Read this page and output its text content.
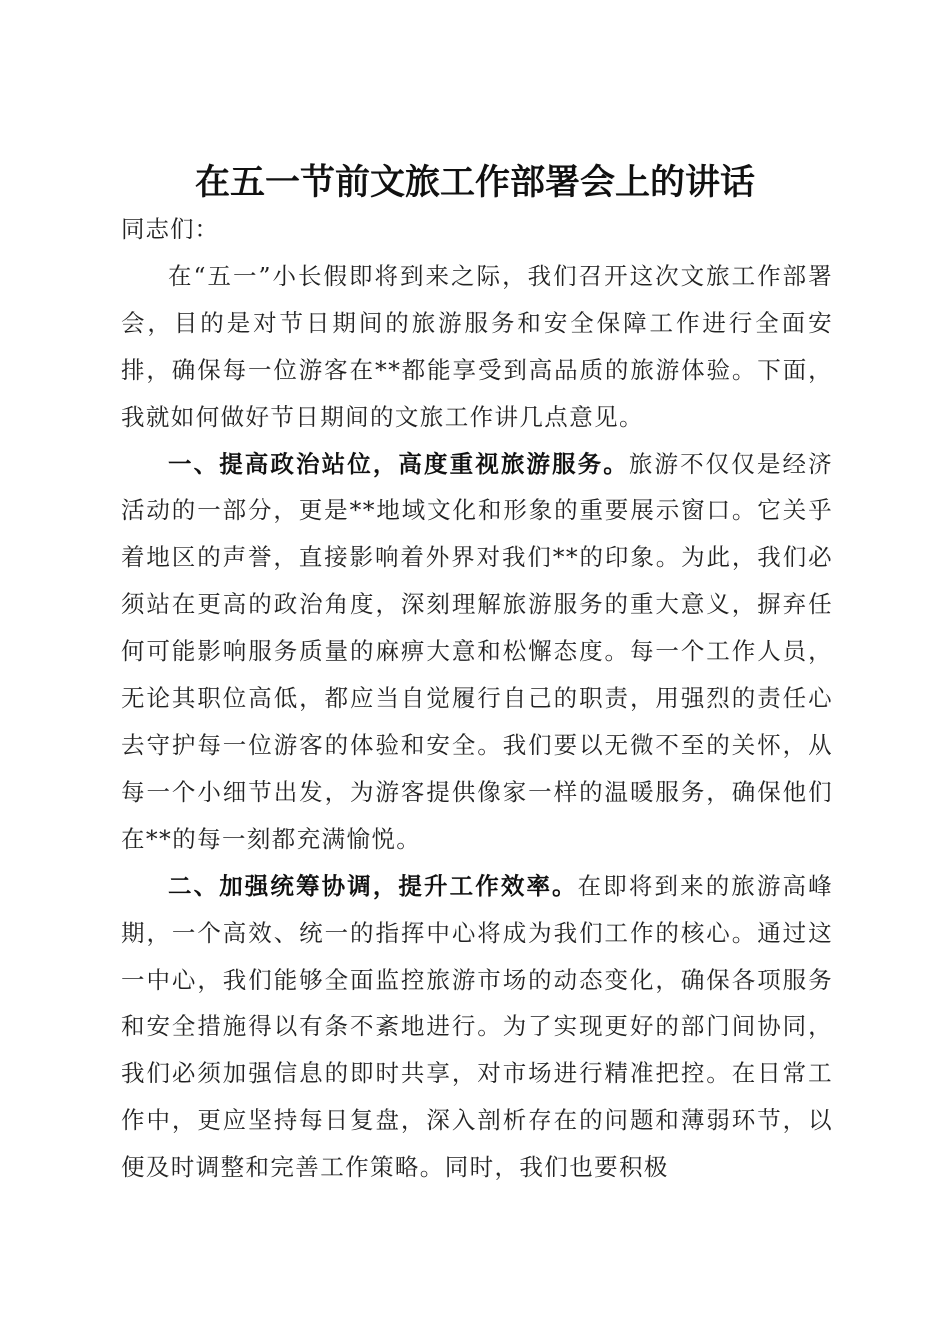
在五一节前文旅工作部署会上的讲话

同志们：

在“五一”小长假即将到来之际，我们召开这次文旅工作部署会，目的是对节日期间的旅游服务和安全保障工作进行全面安排，确保每一位游客在**都能享受到高品质的旅游体验。下面，我就如何做好节日期间的文旅工作讲几点意见。

一、提高政治站位，高度重视旅游服务。旅游不仅仅是经济活动的一部分，更是**地域文化和形象的重要展示窗口。它关乎着地区的声誉，直接影响着外界对我们**的印象。为此，我们必须站在更高的政治角度，深刻理解旅游服务的重大意义，摒弃任何可能影响服务质量的麻痹大意和松懈态度。每一个工作人员，无论其职位高低，都应当自觉履行自己的职责，用强烈的责任心去守护每一位游客的体验和安全。我们要以无微不至的关怀，从每一个小细节出发，为游客提供像家一样的温暖服务，确保他们在**的每一刻都充满愉悦。

二、加强统筹协调，提升工作效率。在即将到来的旅游高峰期，一个高效、统一的指挥中心将成为我们工作的核心。通过这一中心，我们能够全面监控旅游市场的动态变化，确保各项服务和安全措施得以有条不紊地进行。为了实现更好的部门间协同，我们必须加强信息的即时共享，对市场进行精准把控。在日常工作中，更应坚持每日复盘，深入剖析存在的问题和薄弱环节，以便及时调整和完善工作策略。同时，我们也要积极
